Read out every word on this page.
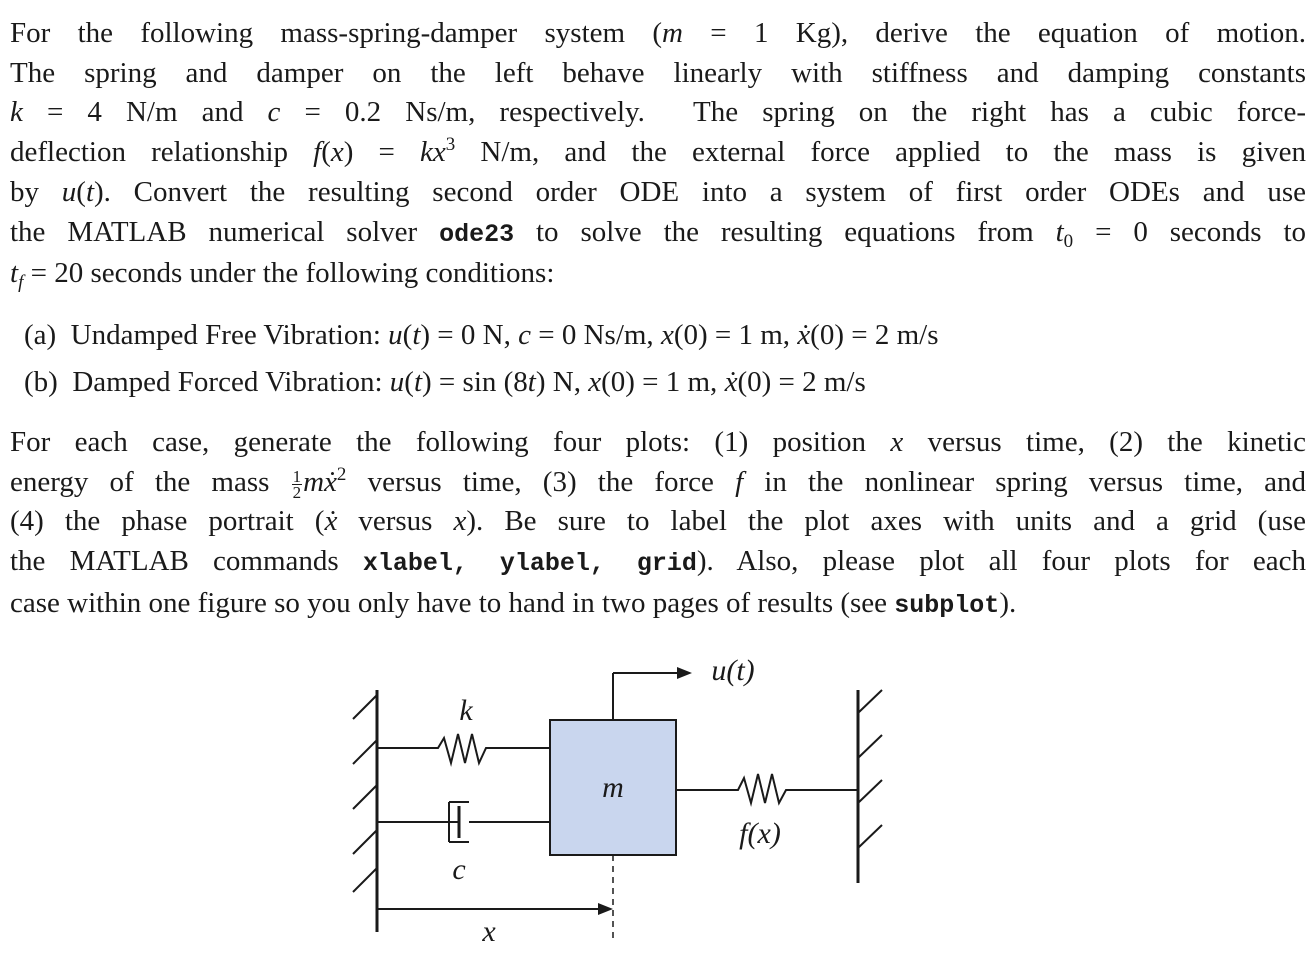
For the following mass-spring-damper system (m = 1 Kg), derive the equation of motion.
The spring and damper on the left behave linearly with stiffness and damping constants
k = 4 N/m and c = 0.2 Ns/m, respectively.  The spring on the right has a cubic force-
deflection relationship $f(x) = kx^3$ N/m, and the external force applied to the mass is given
by u(t). Convert the resulting second order ODE into a system of first order ODEs and use
the MATLAB numerical solver ode23 to solve the resulting equations from $t_0 = 0$ seconds to
$t_f = 20$ seconds under the following conditions:
(a)  Undamped Free Vibration: u(t) = 0 N, c = 0 Ns/m, x(0) = 1 m, ẋ(0) = 2 m/s
(b)  Damped Forced Vibration: u(t) = sin (8t) N, x(0) = 1 m, ẋ(0) = 2 m/s
For each case, generate the following four plots: (1) position x versus time, (2) the kinetic
energy of the mass $\frac{1}{2}$ mẋ$^2$ versus time, (3) the force f in the nonlinear spring versus time, and
(4) the phase portrait (ẋ versus x). Be sure to label the plot axes with units and a grid (use
the MATLAB commands xlabel, ylabel, grid). Also, please plot all four plots for each
case within one figure so you only have to hand in two pages of results (see subplot).
k
c
m
u(t)
f(x)
x
